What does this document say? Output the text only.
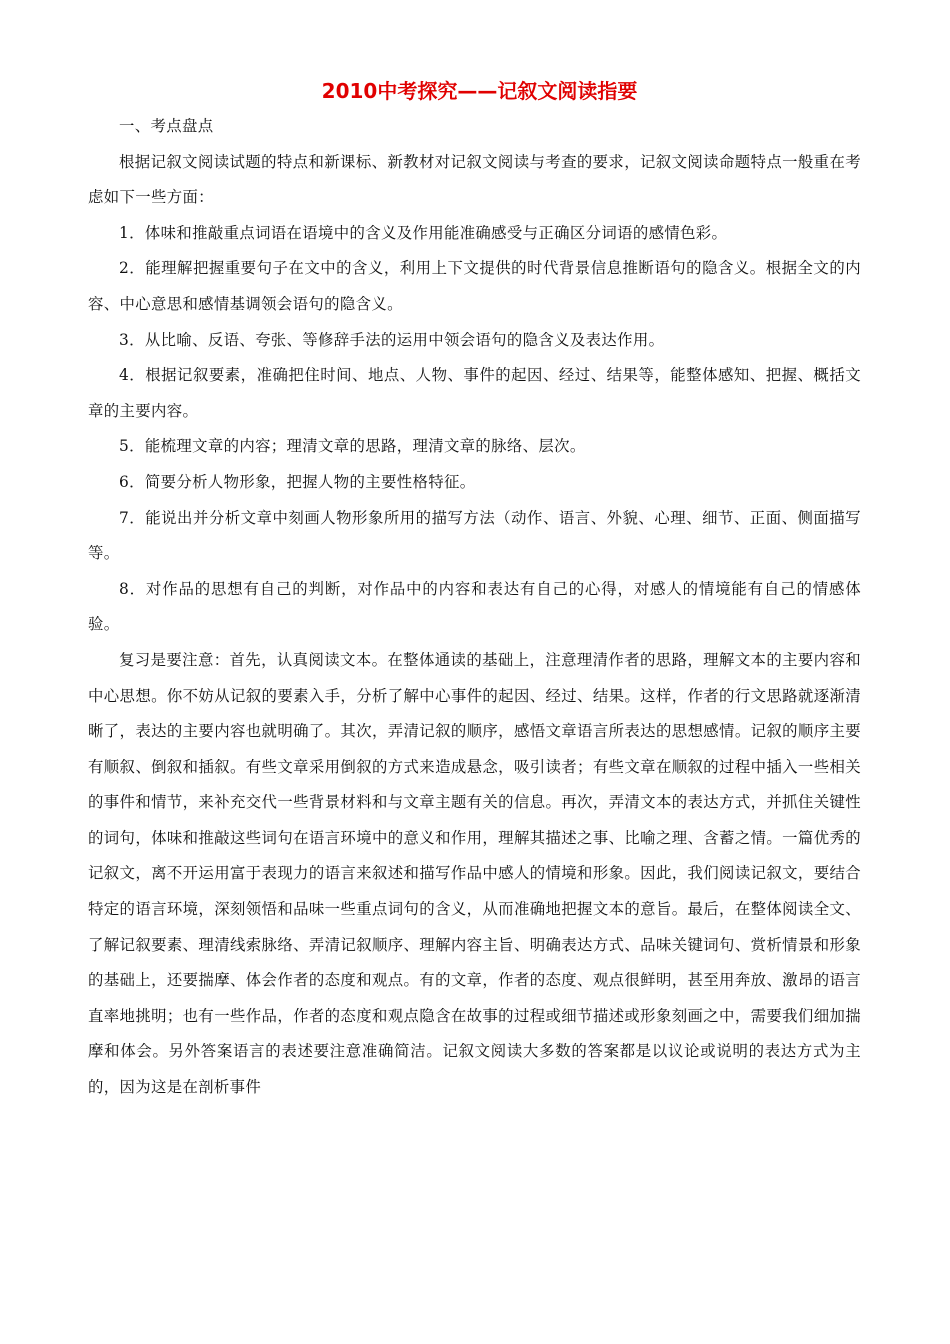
2010中考探究——记叙文阅读指要

一、考点盘点

根据记叙文阅读试题的特点和新课标、新教材对记叙文阅读与考查的要求，记叙文阅读命题特点一般重在考虑如下一些方面：

1．体味和推敲重点词语在语境中的含义及作用能准确感受与正确区分词语的感情色彩。

2．能理解把握重要句子在文中的含义，利用上下文提供的时代背景信息推断语句的隐含义。根据全文的内容、中心意思和感情基调领会语句的隐含义。

3．从比喻、反语、夸张、等修辞手法的运用中领会语句的隐含义及表达作用。

4．根据记叙要素，准确把住时间、地点、人物、事件的起因、经过、结果等，能整体感知、把握、概括文章的主要内容。

5．能梳理文章的内容；理清文章的思路，理清文章的脉络、层次。

6．简要分析人物形象，把握人物的主要性格特征。

7．能说出并分析文章中刻画人物形象所用的描写方法（动作、语言、外貌、心理、细节、正面、侧面描写等。

8．对作品的思想有自己的判断，对作品中的内容和表达有自己的心得，对感人的情境能有自己的情感体验。

复习是要注意：首先，认真阅读文本。在整体通读的基础上，注意理清作者的思路，理解文本的主要内容和中心思想。你不妨从记叙的要素入手，分析了解中心事件的起因、经过、结果。这样，作者的行文思路就逐渐清晰了，表达的主要内容也就明确了。其次，弄清记叙的顺序，感悟文章语言所表达的思想感情。记叙的顺序主要有顺叙、倒叙和插叙。有些文章采用倒叙的方式来造成悬念，吸引读者；有些文章在顺叙的过程中插入一些相关的事件和情节，来补充交代一些背景材料和与文章主题有关的信息。再次，弄清文本的表达方式，并抓住关键性的词句，体味和推敲这些词句在语言环境中的意义和作用，理解其描述之事、比喻之理、含蓄之情。一篇优秀的记叙文，离不开运用富于表现力的语言来叙述和描写作品中感人的情境和形象。因此，我们阅读记叙文，要结合特定的语言环境，深刻领悟和品味一些重点词句的含义，从而准确地把握文本的意旨。最后，在整体阅读全文、了解记叙要素、理清线索脉络、弄清记叙顺序、理解内容主旨、明确表达方式、品味关键词句、赏析情景和形象的基础上，还要揣摩、体会作者的态度和观点。有的文章，作者的态度、观点很鲜明，甚至用奔放、激昂的语言直率地挑明；也有一些作品，作者的态度和观点隐含在故事的过程或细节描述或形象刻画之中，需要我们细加揣摩和体会。另外答案语言的表述要注意准确简洁。记叙文阅读大多数的答案都是以议论或说明的表达方式为主的，因为这是在剖析事件
